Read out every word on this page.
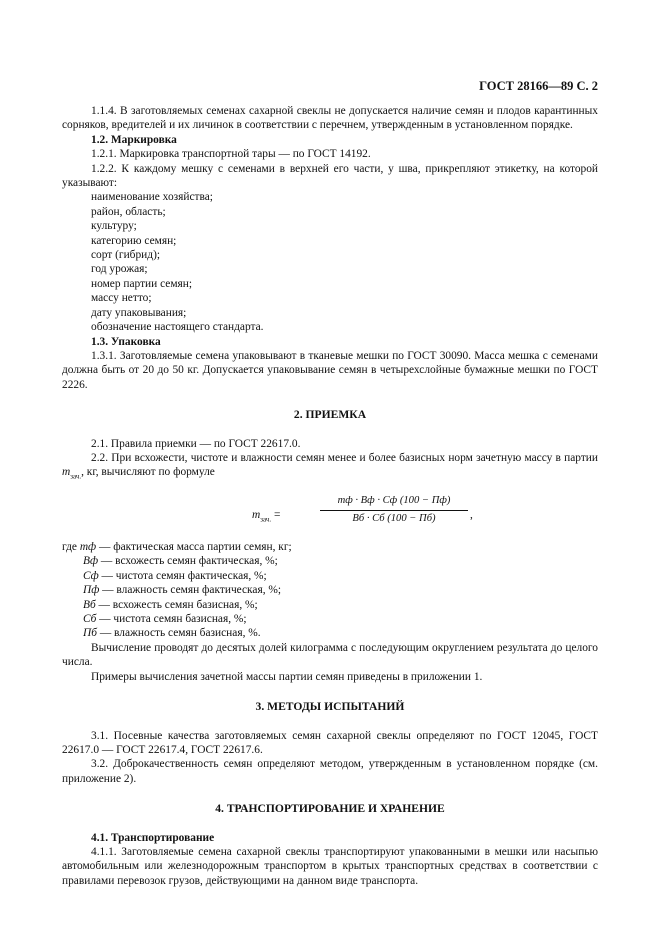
ГОСТ 28166—89 С. 2

1.1.4. В заготовляемых семенах сахарной свеклы не допускается наличие семян и плодов карантинных сорняков, вредителей и их личинок в соответствии с перечнем, утвержденным в установленном порядке.

1.2. Маркировка

1.2.1. Маркировка транспортной тары — по ГОСТ 14192.

1.2.2. К каждому мешку с семенами в верхней его части, у шва, прикрепляют этикетку, на которой указывают:

наименование хозяйства;

район, область;

культуру;

категорию семян;

сорт (гибрид);

год урожая;

номер партии семян;

массу нетто;

дату упаковывания;

обозначение настоящего стандарта.

1.3. Упаковка

1.3.1. Заготовляемые семена упаковывают в тканевые мешки по ГОСТ 30090. Масса мешка с семенами должна быть от 20 до 50 кг. Допускается упаковывание семян в четырехслойные бумажные мешки по ГОСТ 2226.

2. ПРИЕМКА

2.1. Правила приемки — по ГОСТ 22617.0.

2.2. При всхожести, чистоте и влажности семян менее и более базисных норм зачетную массу в партии $m_{зач.}$, кг, вычисляют по формуле

$m_{зач.}$ =
mф · Bф · Cф (100 − Пф)
Bб · Cб (100 − Пб)	,
где mф — фактическая масса партии семян, кг;
Bф — всхожесть семян фактическая, %;
Cф — чистота семян фактическая, %;
Пф — влажность семян фактическая, %;
Bб — всхожесть семян базисная, %;
Cб — чистота семян базисная, %;
Пб — влажность семян базисная, %.

Вычисление проводят до десятых долей килограмма с последующим округлением результата до целого числа.

Примеры вычисления зачетной массы партии семян приведены в приложении 1.

3. МЕТОДЫ ИСПЫТАНИЙ

3.1. Посевные качества заготовляемых семян сахарной свеклы определяют по ГОСТ 12045, ГОСТ 22617.0 — ГОСТ 22617.4, ГОСТ 22617.6.

3.2. Доброкачественность семян определяют методом, утвержденным в установленном порядке (см. приложение 2).

4. ТРАНСПОРТИРОВАНИЕ И ХРАНЕНИЕ

4.1. Транспортирование

4.1.1. Заготовляемые семена сахарной свеклы транспортируют упакованными в мешки или насыпью автомобильным или железнодорожным транспортом в крытых транспортных средствах в соответствии с правилами перевозок грузов, действующими на данном виде транспорта.
